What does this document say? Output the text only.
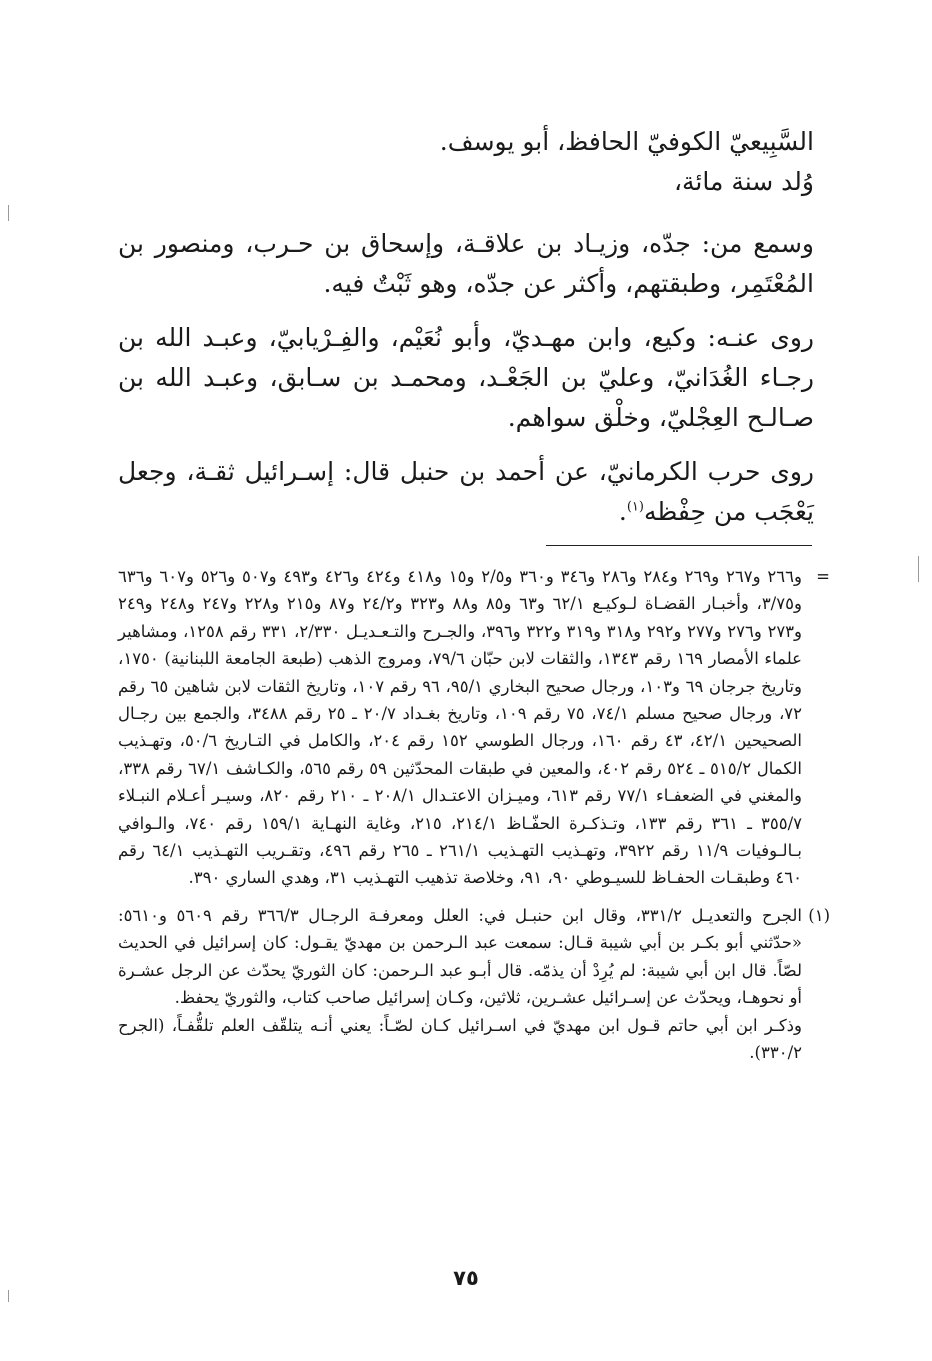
السَّبِيعيّ الكوفيّ الحافظ، أبو يوسف.
وُلد سنة مائة،

وسمع من: جدّه، وزيـاد بن علاقـة، وإسحاق بن حـرب، ومنصور بن المُعْتَمِر، وطبقتهم، وأكثر عن جدّه، وهو ثَبْتٌ فيه.

روى عنـه: وكيع، وابن مهـديّ، وأبو نُعَيْم، والفِـرْيابيّ، وعبـد الله بن رجـاء الغُدَانيّ، وعليّ بن الجَعْـد، ومحمـد بن سـابق، وعبـد الله بن صـالـح العِجْليّ، وخلْق سواهم.

روى حرب الكرمانيّ، عن أحمد بن حنبل قال: إسـرائيل ثقـة، وجعل يَعْجَب من حِفْظه$^{(١)}$.

=

و٢٦٦ و٢٦٧ و٢٦٩ و٢٨٤ و٢٨٦ و٣٤٦ و٣٦٠ و٢/٥ و١٥ و٤١٨ و٤٢٤ و٤٢٦ و٤٩٣ و٥٠٧ و٥٢٦ و٦٠٧ و٦٣٦ و٣/٧٥، وأخبـار القضـاة لـوكيـع ٦٢/١ و٦٣ و٨٥ و٨٨ و٣٢٣ و٢٤/٢ و٨٧ و٢١٥ و٢٢٨ و٢٤٧ و٢٤٨ و٢٤٩ و٢٧٣ و٢٧٦ و٢٧٧ و٢٩٢ و٣١٨ و٣١٩ و٣٢٢ و٣٩٦، والجـرح والتـعـديـل ٢/٣٣٠، ٣٣١ رقم ١٢٥٨، ومشاهير علماء الأمصار ١٦٩ رقم ١٣٤٣، والثقات لابن حبّان ٧٩/٦، ومروج الذهب (طبعة الجامعة اللبنانية) ١٧٥٠، وتاريخ جرجان ٦٩ و١٠٣، ورجال صحيح البخاري ٩٥/١، ٩٦ رقم ١٠٧، وتاريخ الثقات لابن شاهين ٦٥ رقم ٧٢، ورجال صحيح مسلم ٧٤/١، ٧٥ رقم ١٠٩، وتاريخ بغـداد ٢٠/٧ ـ ٢٥ رقم ٣٤٨٨، والجمع بين رجـال الصحيحين ٤٢/١، ٤٣ رقم ١٦٠، ورجال الطوسي ١٥٢ رقم ٢٠٤، والكامل في التـاريخ ٥٠/٦، وتهـذيب الكمال ٥١٥/٢ ـ ٥٢٤ رقم ٤٠٢، والمعين في طبقات المحدّثين ٥٩ رقم ٥٦٥، والكـاشف ٦٧/١ رقم ٣٣٨، والمغني في الضعفـاء ٧٧/١ رقم ٦١٣، وميـزان الاعتـدال ٢٠٨/١ ـ ٢١٠ رقم ٨٢٠، وسيـر أعـلام النبـلاء ٣٥٥/٧ ـ ٣٦١ رقم ١٣٣، وتـذكـرة الحفّـاظ ٢١٤/١، ٢١٥، وغاية النهـاية ١٥٩/١ رقم ٧٤٠، والـوافي بـالـوفيات ١١/٩ رقم ٣٩٢٢، وتهـذيب التهـذيب ٢٦١/١ ـ ٢٦٥ رقم ٤٩٦، وتقـريب التهـذيب ٦٤/١ رقم ٤٦٠ وطبقـات الحفـاظ للسيـوطي ٩٠، ٩١، وخلاصة تذهيب التهـذيب ٣١، وهدي الساري ٣٩٠.

(١)

الجرح والتعديـل ٣٣١/٢، وقال ابن حنبـل في: العلل ومعرفـة الرجـال ٣٦٦/٣ رقم ٥٦٠٩ و٥٦١٠: «حدّثني أبو بكـر بن أبي شيبة قـال: سمعت عبد الـرحمن بن مهديّ يقـول: كان إسرائيل في الحديث لصّاً. قال ابن أبي شيبة: لم يُرِدْ أن يذمّه. قال أبـو عبد الـرحمن: كان الثوريّ يحدّث عن الرجل عشـرة أو نحوهـا، ويحدّث عن إسـرائيل عشـرين، ثلاثين، وكـان إسرائيل صاحب كتاب، والثوريّ يحفظ.

وذكـر ابن أبي حاتم قـول ابن مهديّ في اسـرائيل كـان لصّـاً: يعني أنـه يتلقّف العلم تلقُّفـاً، (الجرح ٣٣٠/٢).

٧٥
